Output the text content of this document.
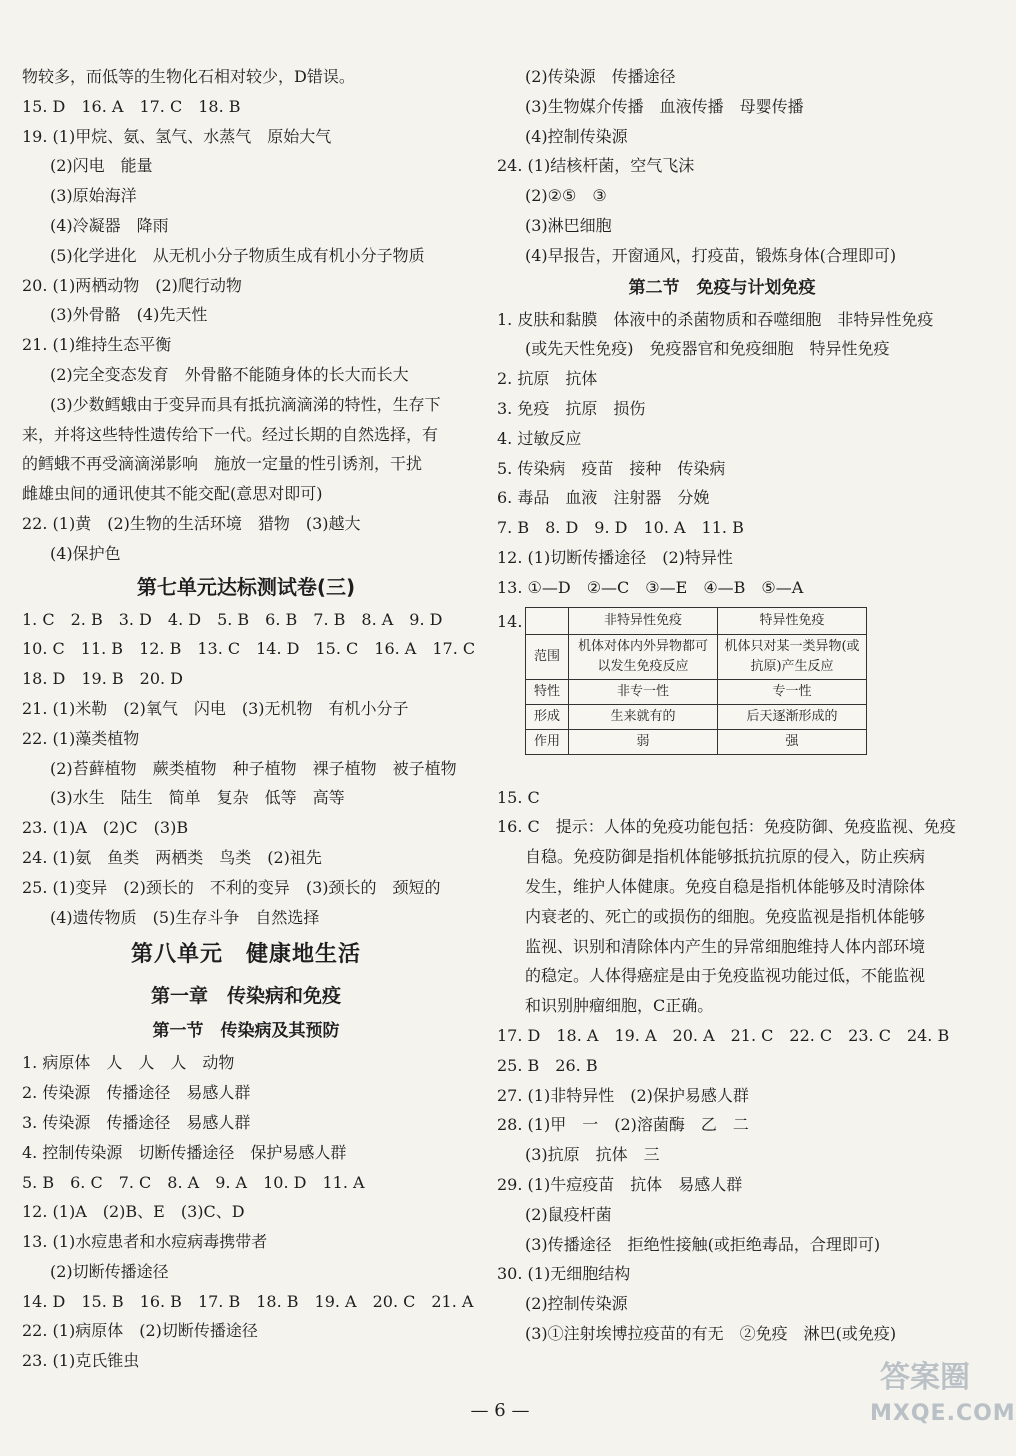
物较多，而低等的生物化石相对较少，D错误。
15. D　16. A　17. C　18. B
19. (1)甲烷、氨、氢气、水蒸气　原始大气
(2)闪电　能量
(3)原始海洋
(4)冷凝器　降雨
(5)化学进化　从无机小分子物质生成有机小分子物质
20. (1)两栖动物　(2)爬行动物
(3)外骨骼　(4)先天性
21. (1)维持生态平衡
(2)完全变态发育　外骨骼不能随身体的长大而长大
(3)少数鳕蛾由于变异而具有抵抗滴滴涕的特性，生存下
来，并将这些特性遗传给下一代。经过长期的自然选择，有
的鳕蛾不再受滴滴涕影响　施放一定量的性引诱剂，干扰
雌雄虫间的通讯使其不能交配(意思对即可)
22. (1)黄　(2)生物的生活环境　猎物　(3)越大
(4)保护色
第七单元达标测试卷(三)
1. C　2. B　3. D　4. D　5. B　6. B　7. B　8. A　9. D
10. C　11. B　12. B　13. C　14. D　15. C　16. A　17. C
18. D　19. B　20. D
21. (1)米勒　(2)氧气　闪电　(3)无机物　有机小分子
22. (1)藻类植物
(2)苔藓植物　蕨类植物　种子植物　裸子植物　被子植物
(3)水生　陆生　简单　复杂　低等　高等
23. (1)A　(2)C　(3)B
24. (1)氨　鱼类　两栖类　鸟类　(2)祖先
25. (1)变异　(2)颈长的　不利的变异　(3)颈长的　颈短的
(4)遗传物质　(5)生存斗争　自然选择
第八单元　健康地生活
第一章　传染病和免疫
第一节　传染病及其预防
1. 病原体　人　人　人　动物
2. 传染源　传播途径　易感人群
3. 传染源　传播途径　易感人群
4. 控制传染源　切断传播途径　保护易感人群
5. B　6. C　7. C　8. A　9. A　10. D　11. A
12. (1)A　(2)B、E　(3)C、D
13. (1)水痘患者和水痘病毒携带者
(2)切断传播途径
14. D　15. B　16. B　17. B　18. B　19. A　20. C　21. A
22. (1)病原体　(2)切断传播途径
23. (1)克氏锥虫
(2)传染源　传播途径
(3)生物媒介传播　血液传播　母婴传播
(4)控制传染源
24. (1)结核杆菌，空气飞沫
(2)②⑤　③
(3)淋巴细胞
(4)早报告，开窗通风，打疫苗，锻炼身体(合理即可)
第二节　免疫与计划免疫
1. 皮肤和黏膜　体液中的杀菌物质和吞噬细胞　非特异性免疫
(或先天性免疫)　免疫器官和免疫细胞　特异性免疫
2. 抗原　抗体
3. 免疫　抗原　损伤
4. 过敏反应
5. 传染病　疫苗　接种　传染病
6. 毒品　血液　注射器　分娩
7. B　8. D　9. D　10. A　11. B
12. (1)切断传播途径　(2)特异性
13. ①—D　②—C　③—E　④—B　⑤—A
14.
		非特异性免疫	特异性免疫
范围	机体对体内外异物都可以发生免疫反应	机体只对某一类异物(或抗原)产生反应
特性	非专一性	专一性
形成	生来就有的	后天逐渐形成的
作用	弱	强
15. C
16. C　提示：人体的免疫功能包括：免疫防御、免疫监视、免疫
自稳。免疫防御是指机体能够抵抗抗原的侵入，防止疾病
发生，维护人体健康。免疫自稳是指机体能够及时清除体
内衰老的、死亡的或损伤的细胞。免疫监视是指机体能够
监视、识别和清除体内产生的异常细胞维持人体内部环境
的稳定。人体得癌症是由于免疫监视功能过低，不能监视
和识别肿瘤细胞，C正确。
17. D　18. A　19. A　20. A　21. C　22. C　23. C　24. B
25. B　26. B
27. (1)非特异性　(2)保护易感人群
28. (1)甲　一　(2)溶菌酶　乙　二
(3)抗原　抗体　三
29. (1)牛痘疫苗　抗体　易感人群
(2)鼠疫杆菌
(3)传播途径　拒绝性接触(或拒绝毒品，合理即可)
30. (1)无细胞结构
(2)控制传染源
(3)①注射埃博拉疫苗的有无　②免疫　淋巴(或免疫)
— 6 —
答案圈
MXQE.COM
